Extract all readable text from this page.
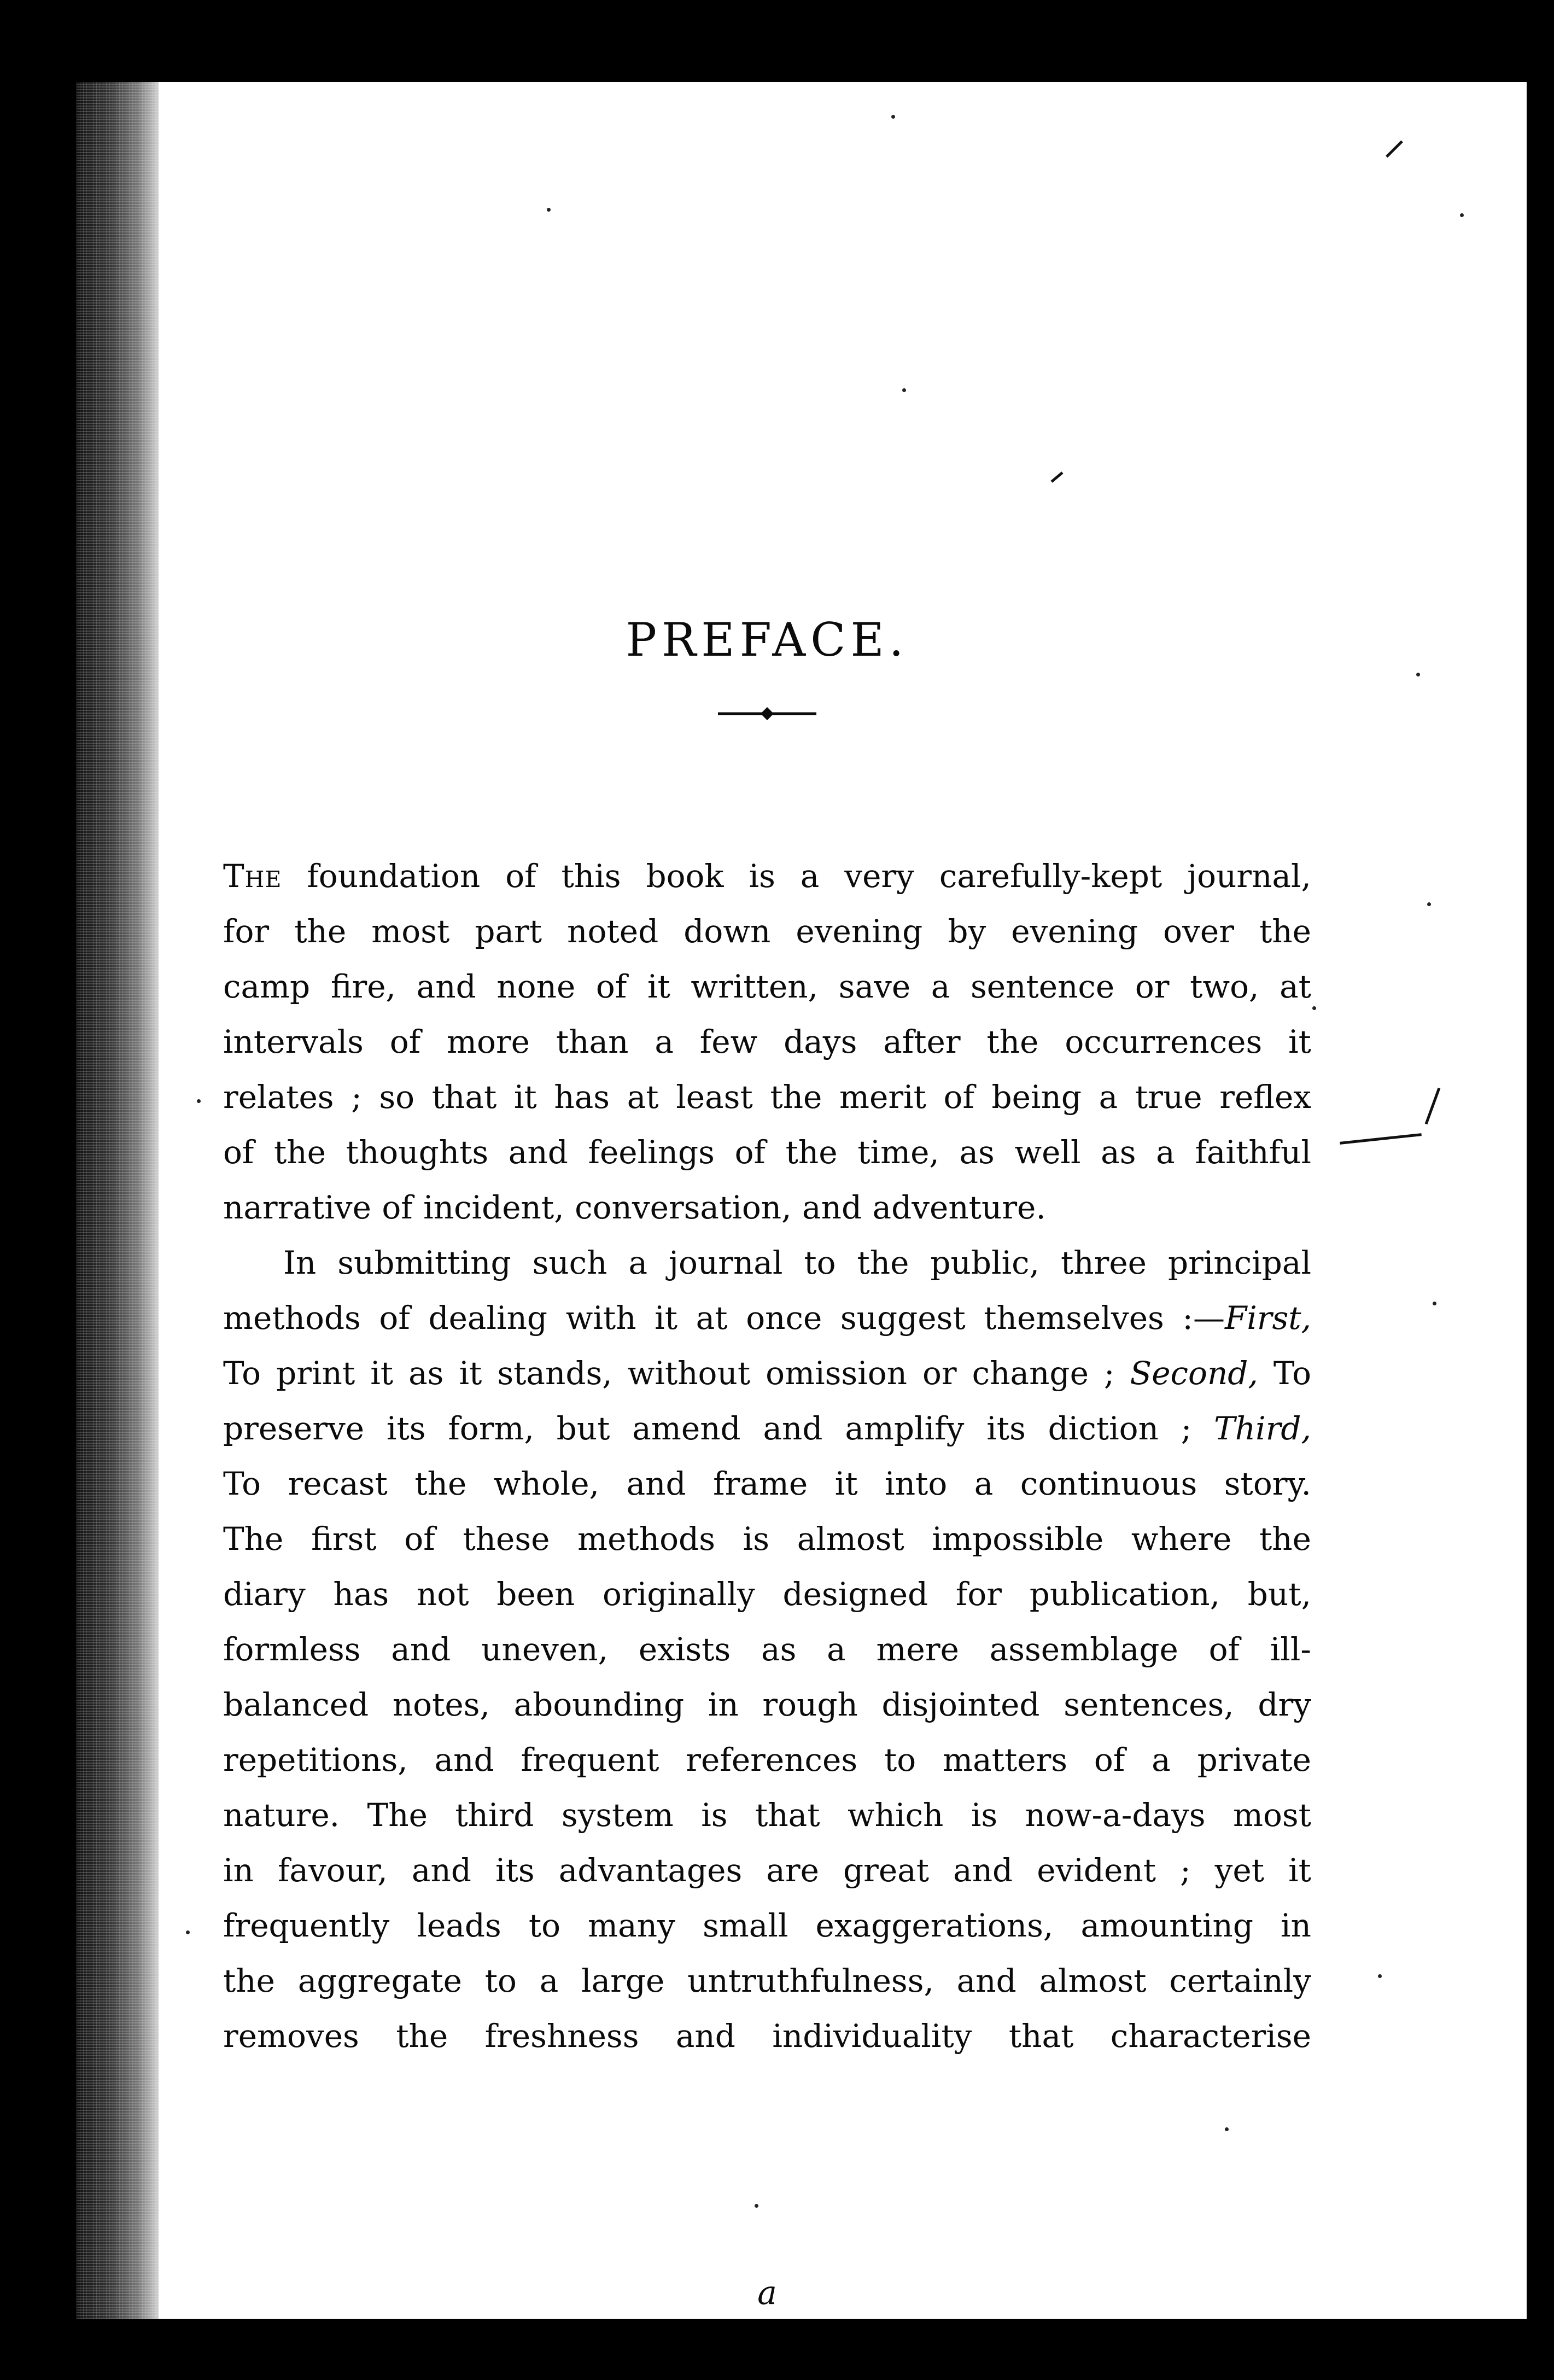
PREFACE.
The foundation of this book is a very carefully-kept journal,
for the most part noted down evening by evening over the
camp fire, and none of it written, save a sentence or two, at
intervals of more than a few days after the occurrences it
relates ; so that it has at least the merit of being a true reflex
of the thoughts and feelings of the time, as well as a faithful
narrative of incident, conversation, and adventure.
In submitting such a journal to the public, three principal
methods of dealing with it at once suggest themselves :—First,
To print it as it stands, without omission or change ; Second, To
preserve its form, but amend and amplify its diction ; Third,
To recast the whole, and frame it into a continuous story.
The first of these methods is almost impossible where the
diary has not been originally designed for publication, but,
formless and uneven, exists as a mere assemblage of ill-
balanced notes, abounding in rough disjointed sentences, dry
repetitions, and frequent references to matters of a private
nature. The third system is that which is now-a-days most
in favour, and its advantages are great and evident ; yet it
frequently leads to many small exaggerations, amounting in
the aggregate to a large untruthfulness, and almost certainly
removes the freshness and individuality that characterise
a
